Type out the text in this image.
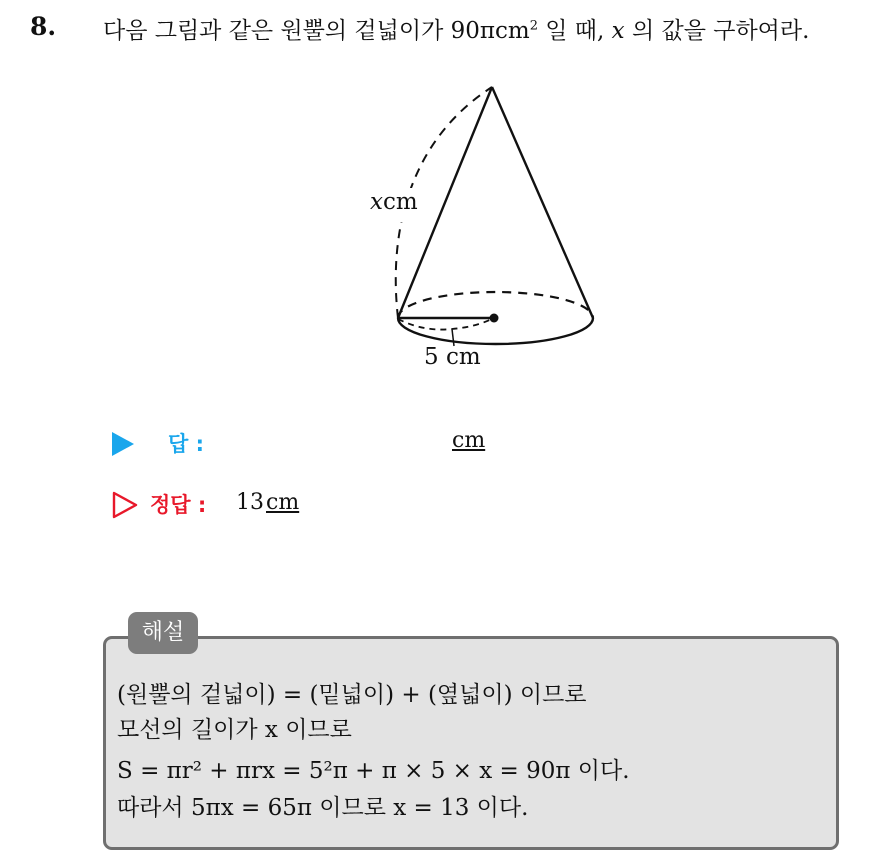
8. 다음 그림과 같은 원뿔의 겉넓이가 90πcm$^2$ 일 때, x 의 값을 구하여라.
xcm
5 cm
답 :	cm
정답 : 13cm
해설
(원뿔의 겉넓이) = (밑넓이) + (옆넓이) 이므로
모선의 길이가 x 이므로
S = πr² + πrx = 5²π + π × 5 × x = 90π 이다.
따라서 5πx = 65π 이므로 x = 13 이다.
